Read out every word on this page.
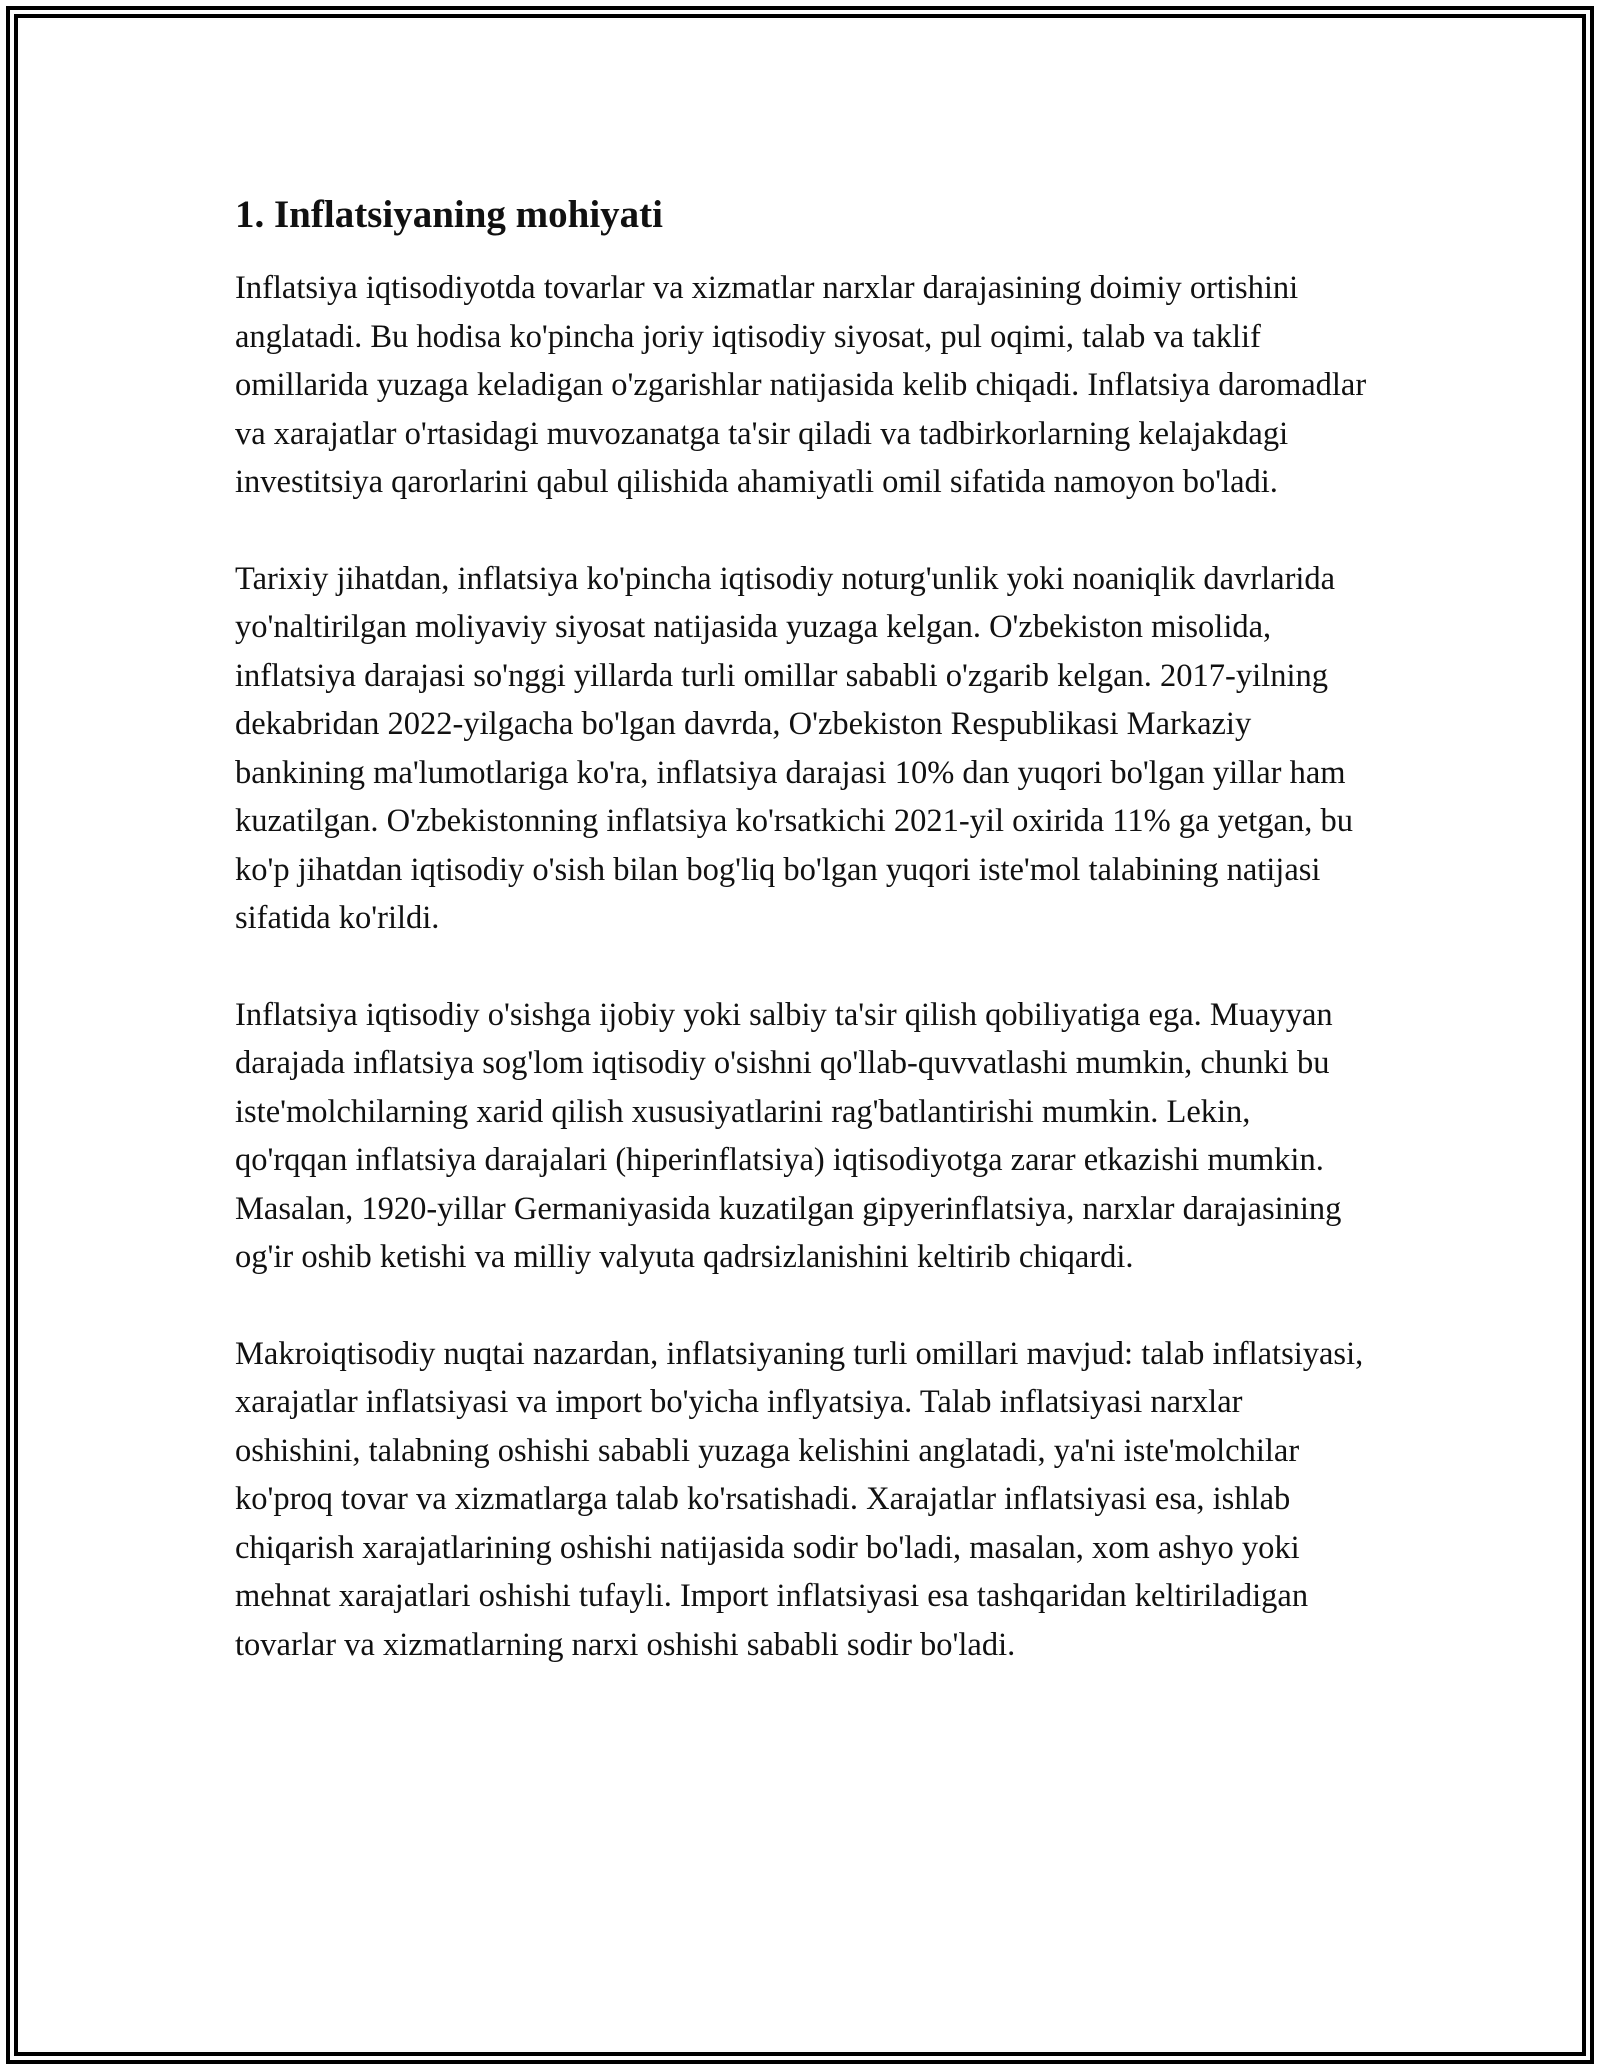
1. Inflatsiyaning mohiyati

Inflatsiya iqtisodiyotda tovarlar va xizmatlar narxlar darajasining doimiy ortishini anglatadi. Bu hodisa ko'pincha joriy iqtisodiy siyosat, pul oqimi, talab va taklif omillarida yuzaga keladigan o'zgarishlar natijasida kelib chiqadi. Inflatsiya daromadlar va xarajatlar o'rtasidagi muvozanatga ta'sir qiladi va tadbirkorlarning kelajakdagi investitsiya qarorlarini qabul qilishida ahamiyatli omil sifatida namoyon bo'ladi.

Tarixiy jihatdan, inflatsiya ko'pincha iqtisodiy noturg'unlik yoki noaniqlik davrlarida yo'naltirilgan moliyaviy siyosat natijasida yuzaga kelgan. O'zbekiston misolida, inflatsiya darajasi so'nggi yillarda turli omillar sababli o'zgarib kelgan. 2017-yilning dekabridan 2022-yilgacha bo'lgan davrda, O'zbekiston Respublikasi Markaziy bankining ma'lumotlariga ko'ra, inflatsiya darajasi 10% dan yuqori bo'lgan yillar ham kuzatilgan. O'zbekistonning inflatsiya ko'rsatkichi 2021-yil oxirida 11% ga yetgan, bu ko'p jihatdan iqtisodiy o'sish bilan bog'liq bo'lgan yuqori iste'mol talabining natijasi sifatida ko'rildi.

Inflatsiya iqtisodiy o'sishga ijobiy yoki salbiy ta'sir qilish qobiliyatiga ega. Muayyan darajada inflatsiya sog'lom iqtisodiy o'sishni qo'llab-quvvatlashi mumkin, chunki bu iste'molchilarning xarid qilish xususiyatlarini rag'batlantirishi mumkin. Lekin, qo'rqqan inflatsiya darajalari (hiperinflatsiya) iqtisodiyotga zarar etkazishi mumkin. Masalan, 1920-yillar Germaniyasida kuzatilgan gipyerinflatsiya, narxlar darajasining og'ir oshib ketishi va milliy valyuta qadrsizlanishini keltirib chiqardi.

Makroiqtisodiy nuqtai nazardan, inflatsiyaning turli omillari mavjud: talab inflatsiyasi, xarajatlar inflatsiyasi va import bo'yicha inflyatsiya. Talab inflatsiyasi narxlar oshishini, talabning oshishi sababli yuzaga kelishini anglatadi, ya'ni iste'molchilar ko'proq tovar va xizmatlarga talab ko'rsatishadi. Xarajatlar inflatsiyasi esa, ishlab chiqarish xarajatlarining oshishi natijasida sodir bo'ladi, masalan, xom ashyo yoki mehnat xarajatlari oshishi tufayli. Import inflatsiyasi esa tashqaridan keltiriladigan tovarlar va xizmatlarning narxi oshishi sababli sodir bo'ladi.
